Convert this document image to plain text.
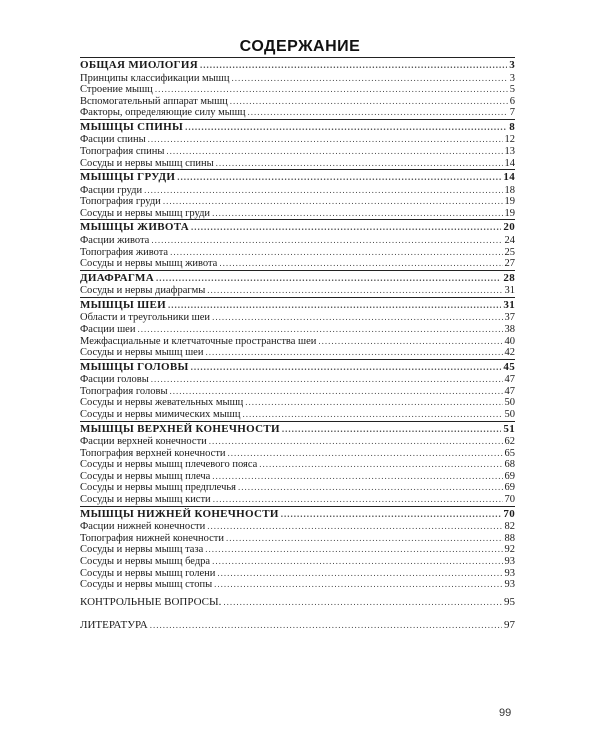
СОДЕРЖАНИЕ
ОБЩАЯ МИОЛОГИЯ .....	3
Принципы классификации мышц .....	3
Строение мышц .....	5
Вспомогательный аппарат мышц .....	6
Факторы, определяющие силу мышц .....	7
МЫШЦЫ СПИНЫ .....	8
Фасции спины .....	12
Топография спины .....	13
Сосуды и нервы мышц спины .....	14
МЫШЦЫ ГРУДИ .....	14
Фасции груди .....	18
Топография груди .....	19
Сосуды и нервы мышц груди .....	19
МЫШЦЫ ЖИВОТА .....	20
Фасции живота .....	24
Топография живота .....	25
Сосуды и нервы мышц живота .....	27
ДИАФРАГМА .....	28
Сосуды и нервы диафрагмы .....	31
МЫШЦЫ ШЕИ .....	31
Области и треугольники шеи .....	37
Фасции шеи .....	38
Межфасциальные и клетчаточные пространства шеи .....	40
Сосуды и нервы мышц шеи .....	42
МЫШЦЫ ГОЛОВЫ .....	45
Фасции головы .....	47
Топография головы .....	47
Сосуды и нервы жевательных мышц .....	50
Сосуды и нервы мимических мышц .....	50
МЫШЦЫ ВЕРХНЕЙ КОНЕЧНОСТИ .....	51
Фасции верхней конечности .....	62
Топография верхней конечности .....	65
Сосуды и нервы мышц плечевого пояса .....	68
Сосуды и нервы мышц плеча .....	69
Сосуды и нервы мышц предплечья .....	69
Сосуды и нервы мышц кисти .....	70
МЫШЦЫ НИЖНЕЙ КОНЕЧНОСТИ .....	70
Фасции нижней конечности .....	82
Топография нижней конечности .....	88
Сосуды и нервы мышц таза .....	92
Сосуды и нервы мышц бедра .....	93
Сосуды и нервы мышц голени .....	93
Сосуды и нервы мышц стопы .....	93
КОНТРОЛЬНЫЕ ВОПРОСЫ. .....	95
ЛИТЕРАТУРА .....	97
99
